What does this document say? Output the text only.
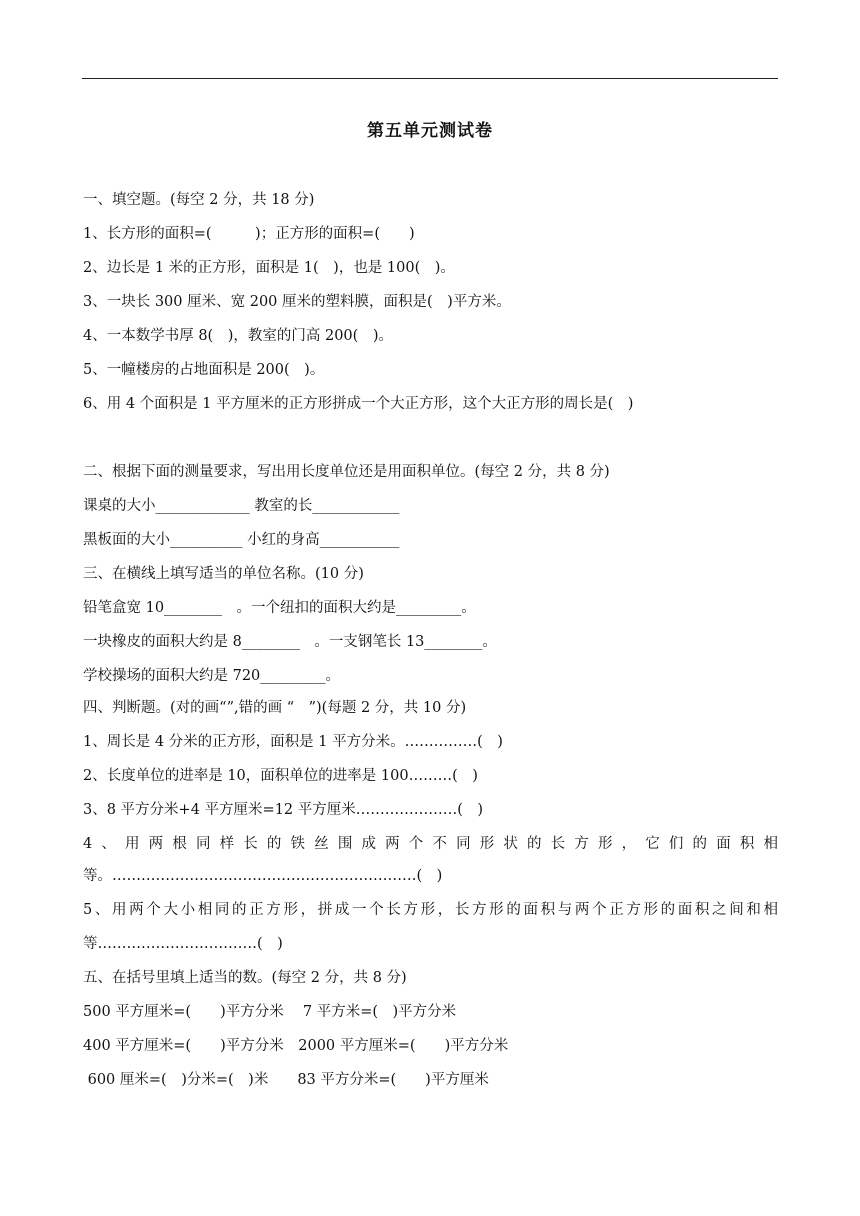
第五单元测试卷
一、填空题。(每空 2 分，共 18 分)
1、长方形的面积=(　　　)；正方形的面积=(　　)
2、边长是 1 米的正方形，面积是 1(　)，也是 100(　)。
3、一块长 300 厘米、宽 200 厘米的塑料膜，面积是(　)平方米。
4、一本数学书厚 8(　)，教室的门高 200(　)。
5、一幢楼房的占地面积是 200(　)。
6、用 4 个面积是 1 平方厘米的正方形拼成一个大正方形，这个大正方形的周长是(　)
二、根据下面的测量要求，写出用长度单位还是用面积单位。(每空 2 分，共 8 分)
课桌的大小_____________ 教室的长____________
黑板面的大小__________ 小红的身高___________
三、在横线上填写适当的单位名称。(10 分)
铅笔盒宽 10________　。一个纽扣的面积大约是_________。
一块橡皮的面积大约是 8________　。一支钢笔长 13________。
学校操场的面积大约是 720_________。
四、判断题。(对的画“”,错的画 “　”)(每题 2 分，共 10 分)
1、周长是 4 分米的正方形，面积是 1 平方分米。……………(　)
2、长度单位的进率是 10，面积单位的进率是 100………(　)
3、8 平方分米+4 平方厘米=12 平方厘米…………………(　)
4、用两根同样长的铁丝围成两个不同形状的长方形，它们的面积相
等。………………………………………………………(　)
5、用两个大小相同的正方形，拼成一个长方形，长方形的面积与两个正方形的面积之间和相
等……………………………(　)
五、在括号里填上适当的数。(每空 2 分，共 8 分)
500 平方厘米=(　　)平方分米　 7 平方米=(　)平方分米
400 平方厘米=(　　)平方分米　2000 平方厘米=(　　)平方分米
600 厘米=(　)分米=(　)米　　83 平方分米=(　　)平方厘米
